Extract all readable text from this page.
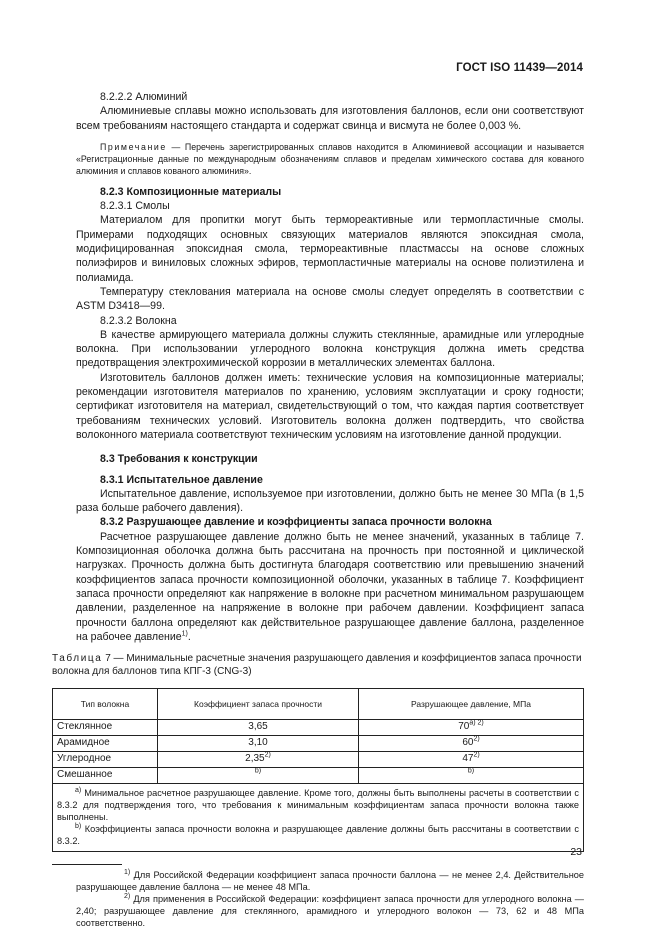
ГОСТ ISO 11439—2014

8.2.2.2 Алюминий

Алюминиевые сплавы можно использовать для изготовления баллонов, если они соответствуют всем требованиям настоящего стандарта и содержат свинца и висмута не более 0,003 %.

Примечание — Перечень зарегистрированных сплавов находится в Алюминиевой ассоциации и называется «Регистрационные данные по международным обозначениям сплавов и пределам химического состава для кованого алюминия и сплавов кованого алюминия».

8.2.3 Композиционные материалы

8.2.3.1 Смолы

Материалом для пропитки могут быть термореактивные или термопластичные смолы. Примерами подходящих основных связующих материалов являются эпоксидная смола, модифицированная эпоксидная смола, термореактивные пластмассы на основе сложных полиэфиров и виниловых сложных эфиров, термопластичные материалы на основе полиэтилена и полиамида.

Температуру стеклования материала на основе смолы следует определять в соответствии с ASTM D3418—99.

8.2.3.2 Волокна

В качестве армирующего материала должны служить стеклянные, арамидные или углеродные волокна. При использовании углеродного волокна конструкция должна иметь средства предотвращения электрохимической коррозии в металлических элементах баллона.

Изготовитель баллонов должен иметь: технические условия на композиционные материалы; рекомендации изготовителя материалов по хранению, условиям эксплуатации и сроку годности; сертификат изготовителя на материал, свидетельствующий о том, что каждая партия соответствует требованиям технических условий. Изготовитель волокна должен подтвердить, что свойства волоконного материала соответствуют техническим условиям на изготовление данной продукции.

8.3 Требования к конструкции

8.3.1 Испытательное давление

Испытательное давление, используемое при изготовлении, должно быть не менее 30 МПа (в 1,5 раза больше рабочего давления).

8.3.2 Разрушающее давление и коэффициенты запаса прочности волокна

Расчетное разрушающее давление должно быть не менее значений, указанных в таблице 7. Композиционная оболочка должна быть рассчитана на прочность при постоянной и циклической нагрузках. Прочность должна быть достигнута благодаря соответствию или превышению значений коэффициентов запаса прочности композиционной оболочки, указанных в таблице 7. Коэффициент запаса прочности определяют как напряжение в волокне при расчетном минимальном разрушающем давлении, разделенное на напряжение в волокне при рабочем давлении. Коэффициент запаса прочности баллона определяют как действительное разрушающее давление баллона, разделенное на рабочее давление$^{1)}$.

Таблица 7 — Минимальные расчетные значения разрушающего давления и коэффициентов запаса прочности волокна для баллонов типа КПГ-3 (CNG-3)
Тип волокна	Коэффициент запаса прочности	Разрушающее давление, МПа
Стеклянное	3,65	$70^{а) 2)}$
Арамидное	3,10	60$^{2)}$
Углеродное	2,35$^{2)}$	47$^{2)}$
Смешанное	$^{b)}$	$^{b)}$

$^{а)}$ Минимальное расчетное разрушающее давление. Кроме того, должны быть выполнены расчеты в соответствии с 8.3.2 для подтверждения того, что требования к минимальным коэффициентам запаса прочности волокна также выполнены.

$^{b)}$ Коэффициенты запаса прочности волокна и разрушающее давление должны быть рассчитаны в соответствии с 8.3.2.

$^{1)}$ Для Российской Федерации коэффициент запаса прочности баллона — не менее 2,4. Действительное разрушающее давление баллона — не менее 48 МПа.

$^{2)}$ Для применения в Российской Федерации: коэффициент запаса прочности для углеродного волокна — 2,40; разрушающее давление для стеклянного, арамидного и углеродного волокон — 73, 62 и 48 МПа соответственно.

23
